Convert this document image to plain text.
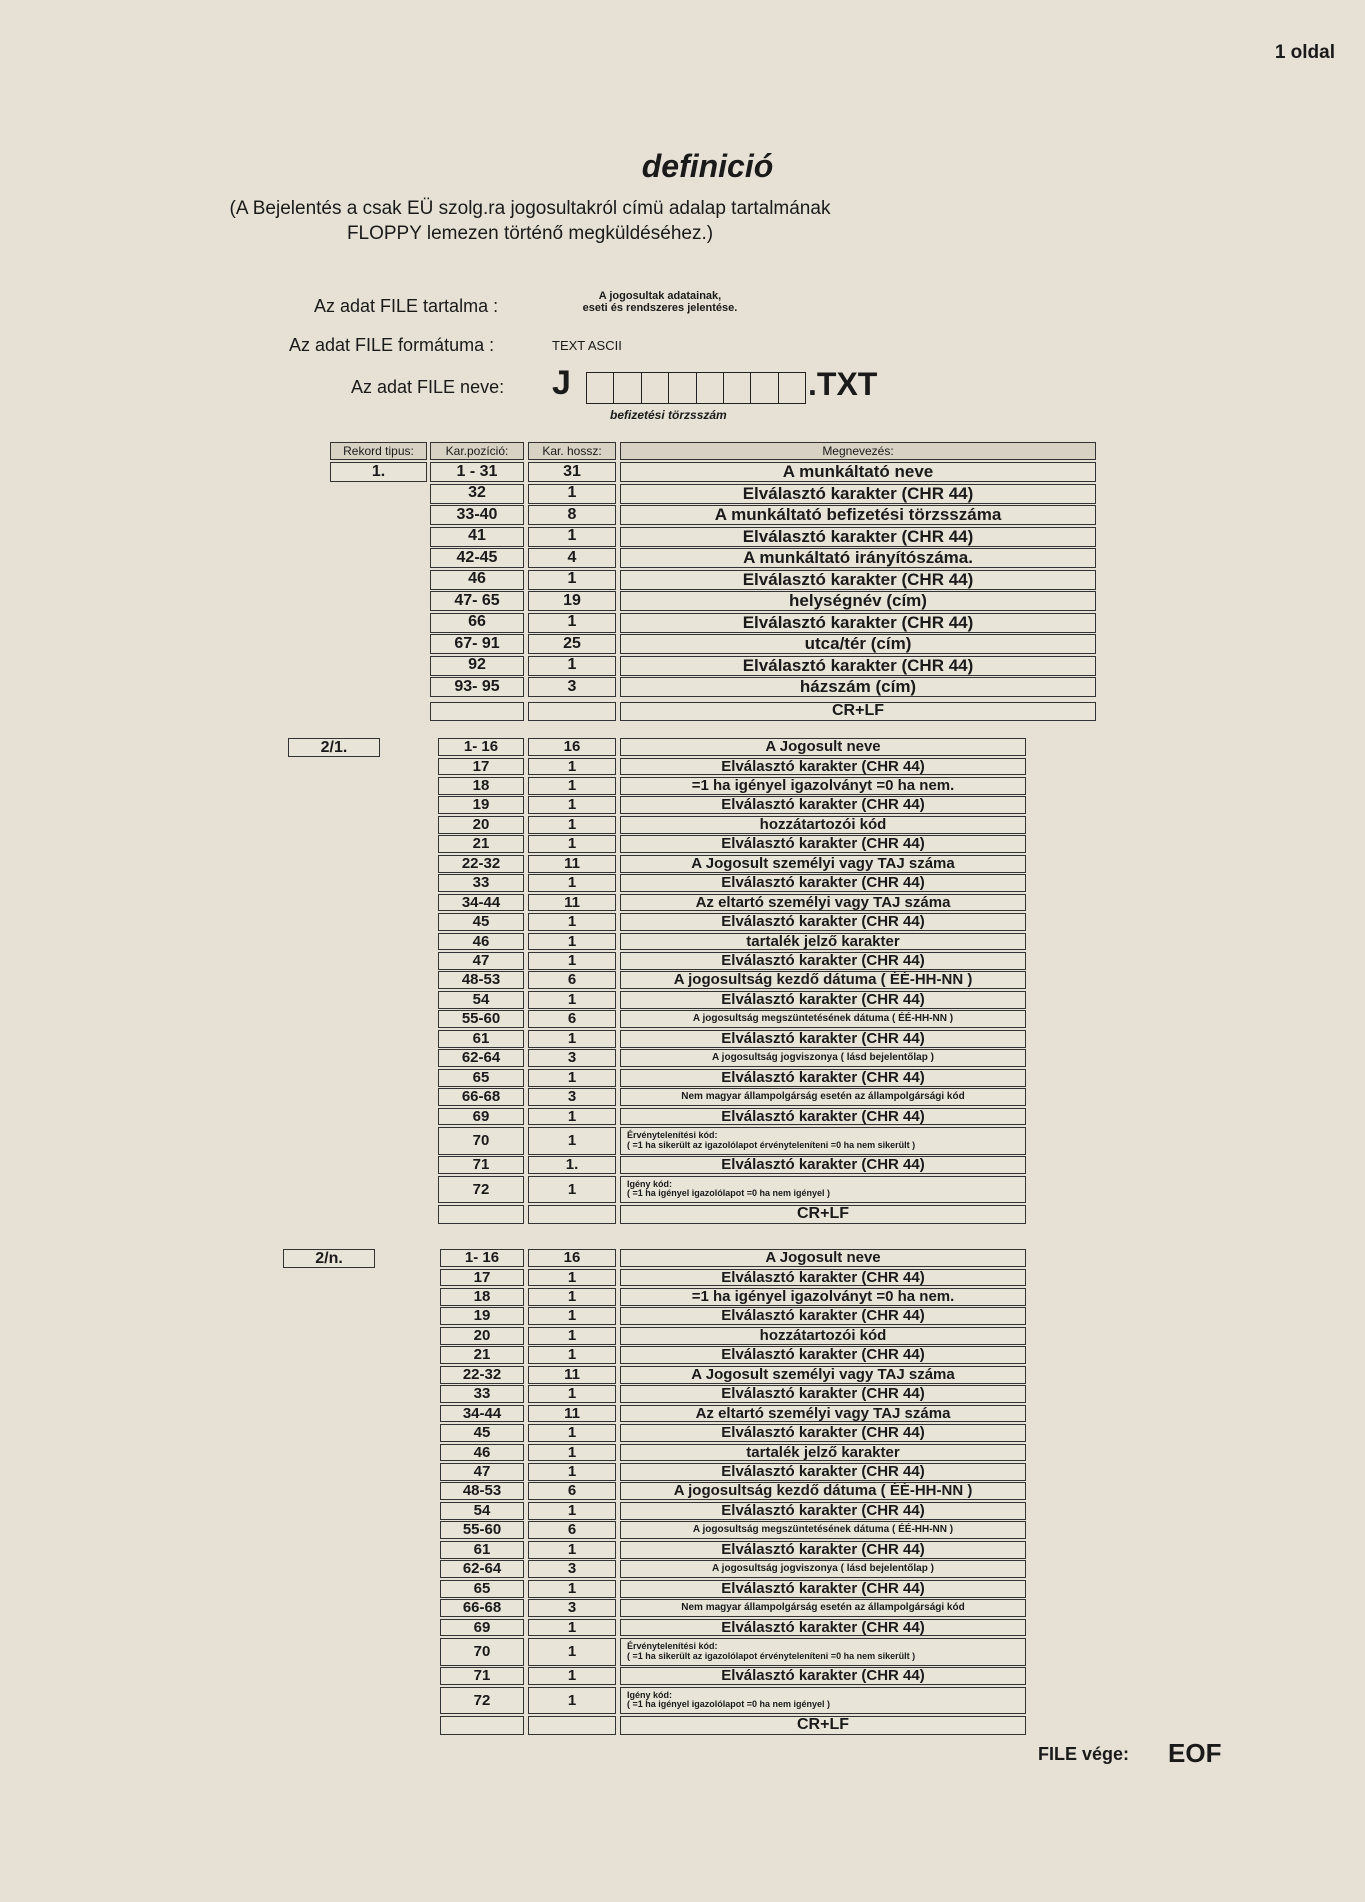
1 oldal
definició
(A Bejelentés a csak EÜ szolg.ra jogosultakról címü adalap tartalmának
FLOPPY lemezen történő megküldéséhez.)
Az adat FILE tartalma :	A jogosultak adatainak,
eseti és rendszeres jelentése.
Az adat FILE formátuma :	TEXT ASCII
Az adat FILE neve: J	.TXT
befizetési törzsszám
Rekord tipus:	Kar.pozíció:	Kar. hossz:	Megnevezés:
1.	1 - 31	31	A munkáltató neve
32	1	Elválasztó karakter (CHR 44)
33-40	8	A munkáltató befizetési törzsszáma
41	1	Elválasztó karakter (CHR 44)
42-45	4	A munkáltató irányítószáma.
46	1	Elválasztó karakter (CHR 44)
47- 65	19	helységnév (cím)
66	1	Elválasztó karakter (CHR 44)
67- 91	25	utca/tér (cím)
92	1	Elválasztó karakter (CHR 44)
93- 95	3	házszám (cím)
CR+LF
2/1.	1- 16	16	A Jogosult neve
17	1	Elválasztó karakter (CHR 44)
18	1	=1 ha igényel igazolványt =0 ha nem.
19	1	Elválasztó karakter (CHR 44)
20	1	hozzátartozói kód
21	1	Elválasztó karakter (CHR 44)
22-32	11	A Jogosult személyi vagy TAJ száma
33	1	Elválasztó karakter (CHR 44)
34-44	11	Az eltartó személyi vagy TAJ száma
45	1	Elválasztó karakter (CHR 44)
46	1	tartalék jelző karakter
47	1	Elválasztó karakter (CHR 44)
48-53	6	A jogosultság kezdő dátuma ( ÉÉ-HH-NN )
54	1	Elválasztó karakter (CHR 44)
55-60	6	A jogosultság megszüntetésének dátuma ( ÉÉ-HH-NN )
61	1	Elválasztó karakter (CHR 44)
62-64	3	A jogosultság jogviszonya ( lásd bejelentőlap )
65	1	Elválasztó karakter (CHR 44)
66-68	3	Nem magyar állampolgárság esetén az állampolgársági kód
69	1	Elválasztó karakter (CHR 44)
70	1	Érvénytelenítési kód:
( =1 ha sikerült az igazolólapot érvényteleníteni =0 ha nem sikerült )
71	1.	Elválasztó karakter (CHR 44)
72	1	Igény kód:
( =1 ha igényel igazolólapot =0 ha nem igényel )
CR+LF
2/n.	1- 16	16	A Jogosult neve
17	1	Elválasztó karakter (CHR 44)
18	1	=1 ha igényel igazolványt =0 ha nem.
19	1	Elválasztó karakter (CHR 44)
20	1	hozzátartozói kód
21	1	Elválasztó karakter (CHR 44)
22-32	11	A Jogosult személyi vagy TAJ száma
33	1	Elválasztó karakter (CHR 44)
34-44	11	Az eltartó személyi vagy TAJ száma
45	1	Elválasztó karakter (CHR 44)
46	1	tartalék jelző karakter
47	1	Elválasztó karakter (CHR 44)
48-53	6	A jogosultság kezdő dátuma ( ÉÉ-HH-NN )
54	1	Elválasztó karakter (CHR 44)
55-60	6	A jogosultság megszüntetésének dátuma ( ÉÉ-HH-NN )
61	1	Elválasztó karakter (CHR 44)
62-64	3	A jogosultság jogviszonya ( lásd bejelentőlap )
65	1	Elválasztó karakter (CHR 44)
66-68	3	Nem magyar állampolgárság esetén az állampolgársági kód
69	1	Elválasztó karakter (CHR 44)
70	1	Érvénytelenítési kód:
( =1 ha sikerült az igazolólapot érvényteleníteni =0 ha nem sikerült )
71	1	Elválasztó karakter (CHR 44)
72	1	Igény kód:
( =1 ha igényel igazolólapot =0 ha nem igényel )
CR+LF
FILE vége: EOF
